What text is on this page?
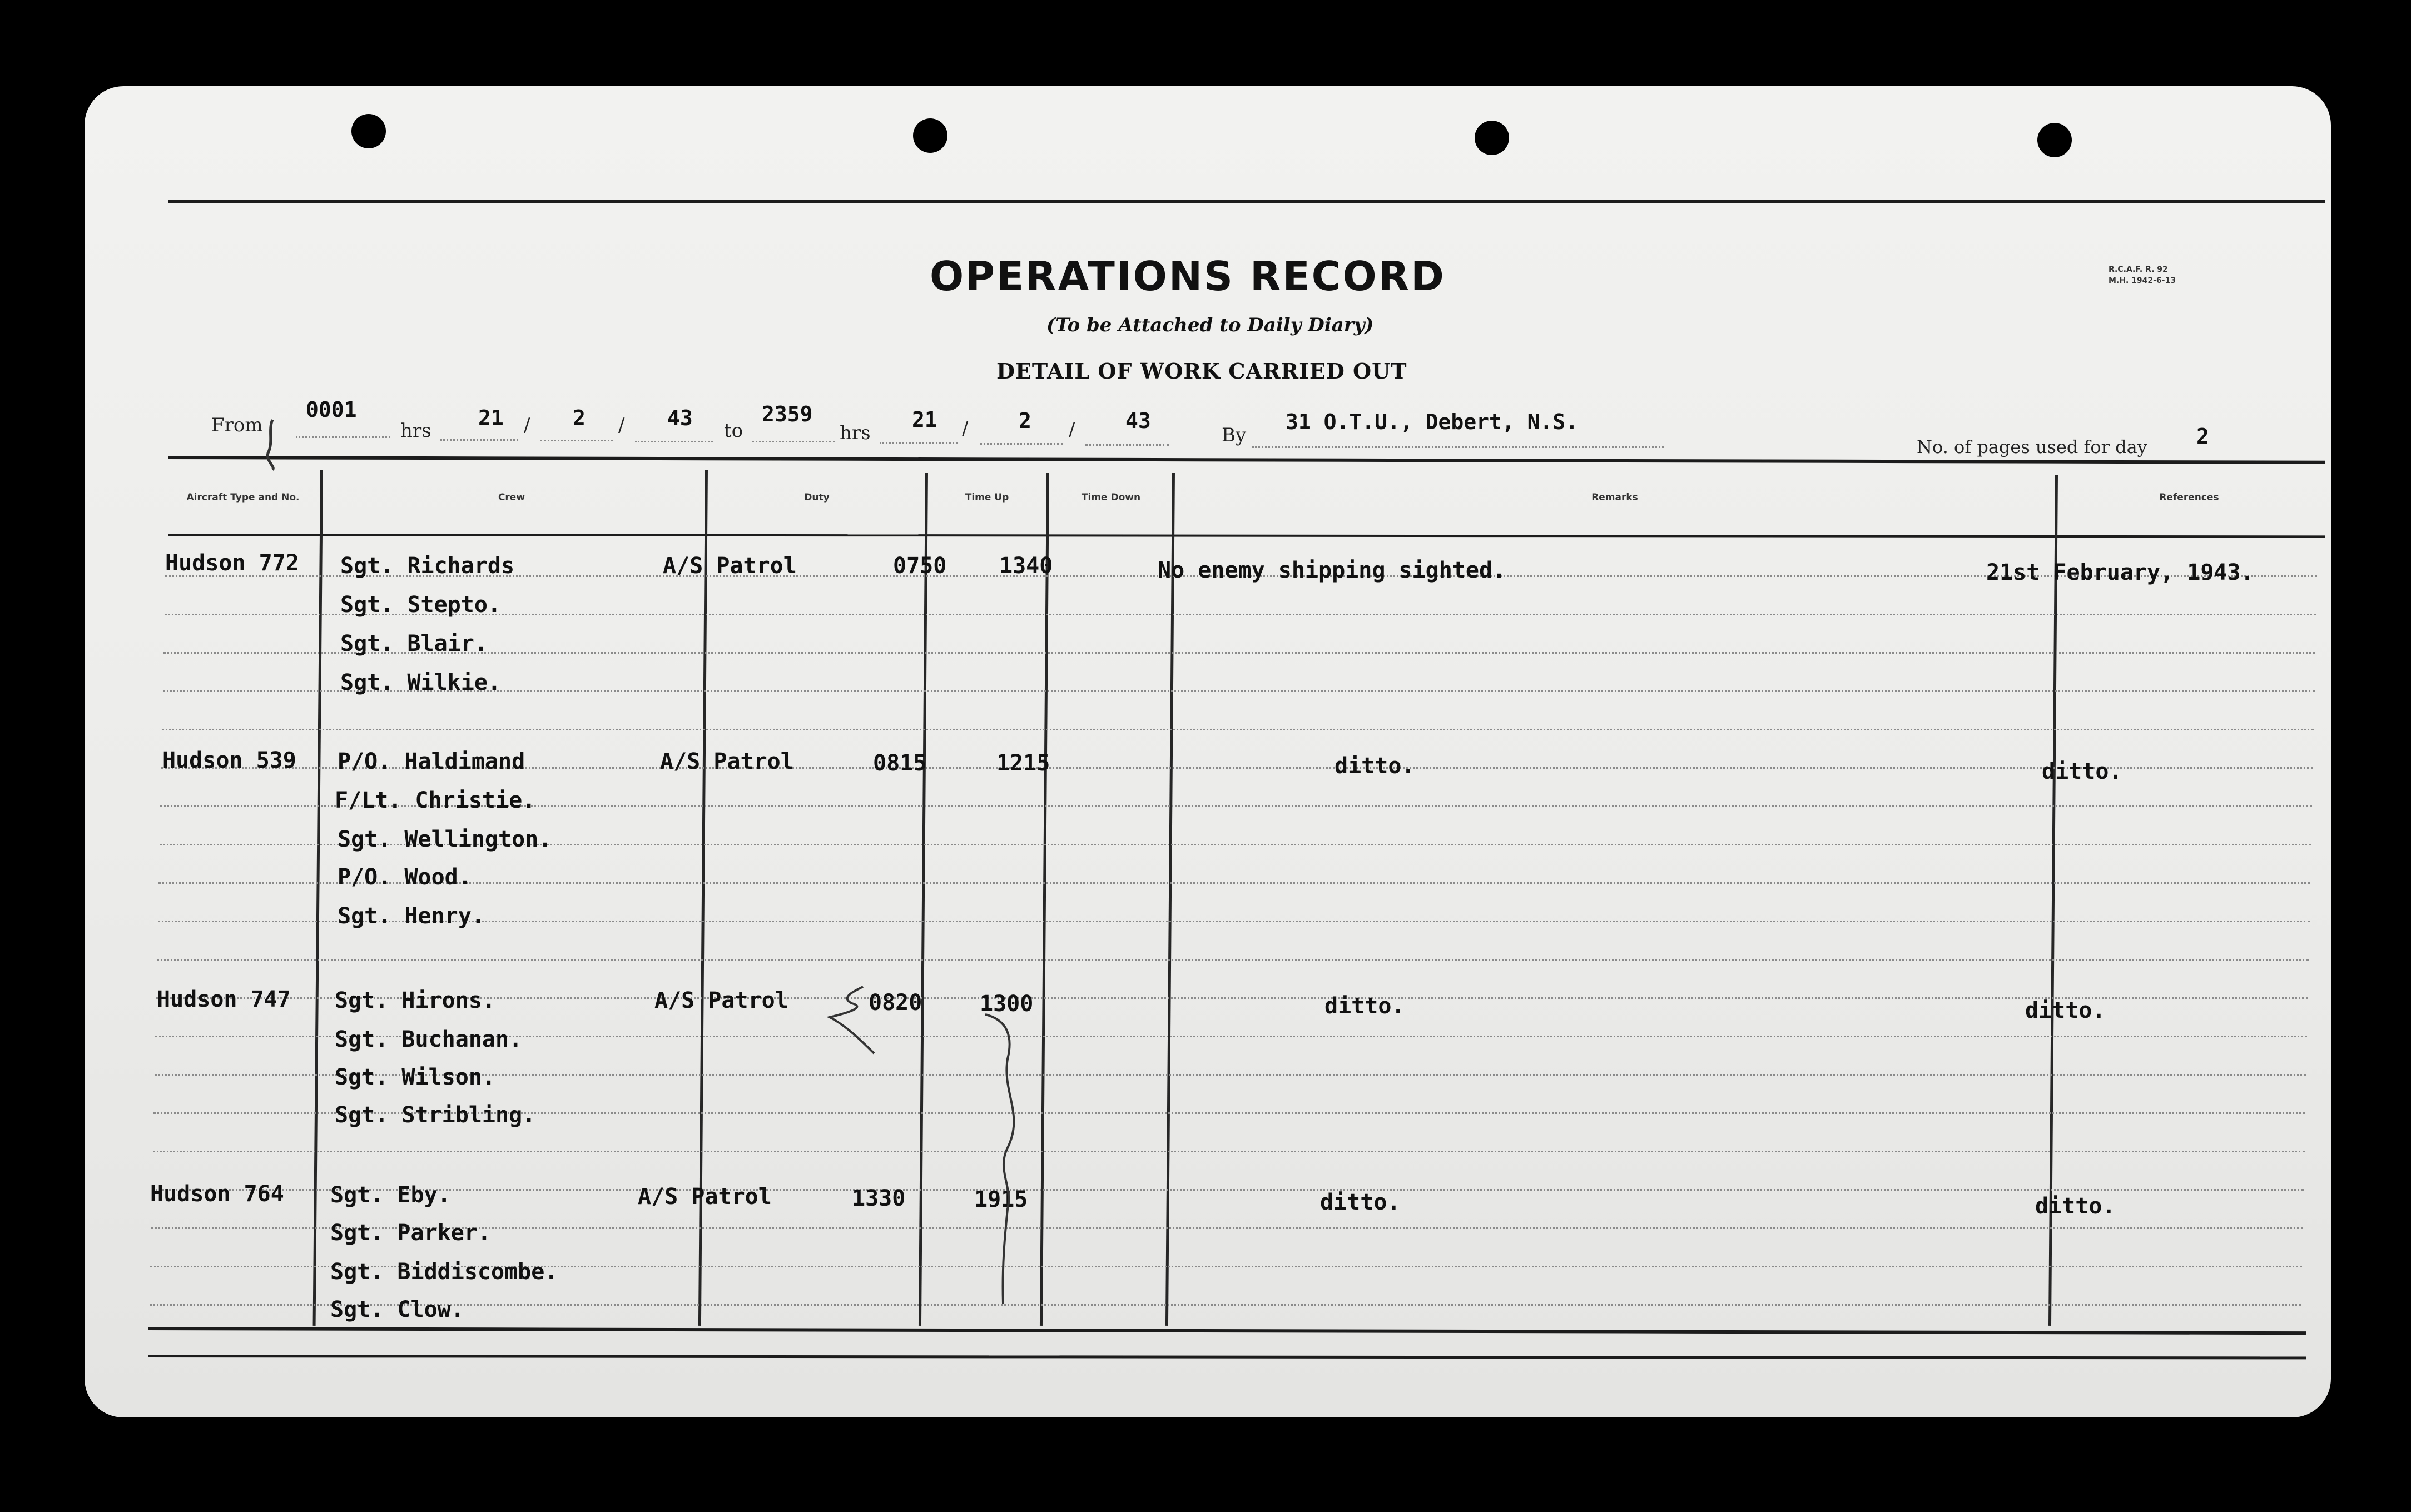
OPERATIONS RECORD
(To be Attached to Daily Diary)
DETAIL OF WORK CARRIED OUT
R.C.A.F. R. 92
M.H. 1942-6-13
From
0001
hrs
21 / 2 / 43
to
2359
hrs
21 / 2 / 43
By
31 O.T.U., Debert, N.S.
No. of pages used for day 2
Aircraft Type and No.	Crew	Duty	Time Up	Time Down	Remarks	References
Hudson 772 Sgt. Richards
Sgt. Stepto.
Sgt. Blair.
Sgt. Wilkie.
A/S Patrol	0750 1340	No enemy shipping sighted.	21st February, 1943.
Hudson 539 P/O. Haldimand
F/Lt. Christie.
Sgt. Wellington.
P/O. Wood.
Sgt. Henry.
A/S Patrol	0815	1215	ditto.	ditto.
Hudson 747 Sgt. Hirons.
Sgt. Buchanan.
Sgt. Wilson.
Sgt. Stribling.
A/S Patrol	0820	1300	ditto.	ditto.
Hudson 764 Sgt. Eby.
Sgt. Parker.
Sgt. Biddiscombe.
Sgt. Clow.
A/S Patrol	1330	1915	ditto.	ditto.
